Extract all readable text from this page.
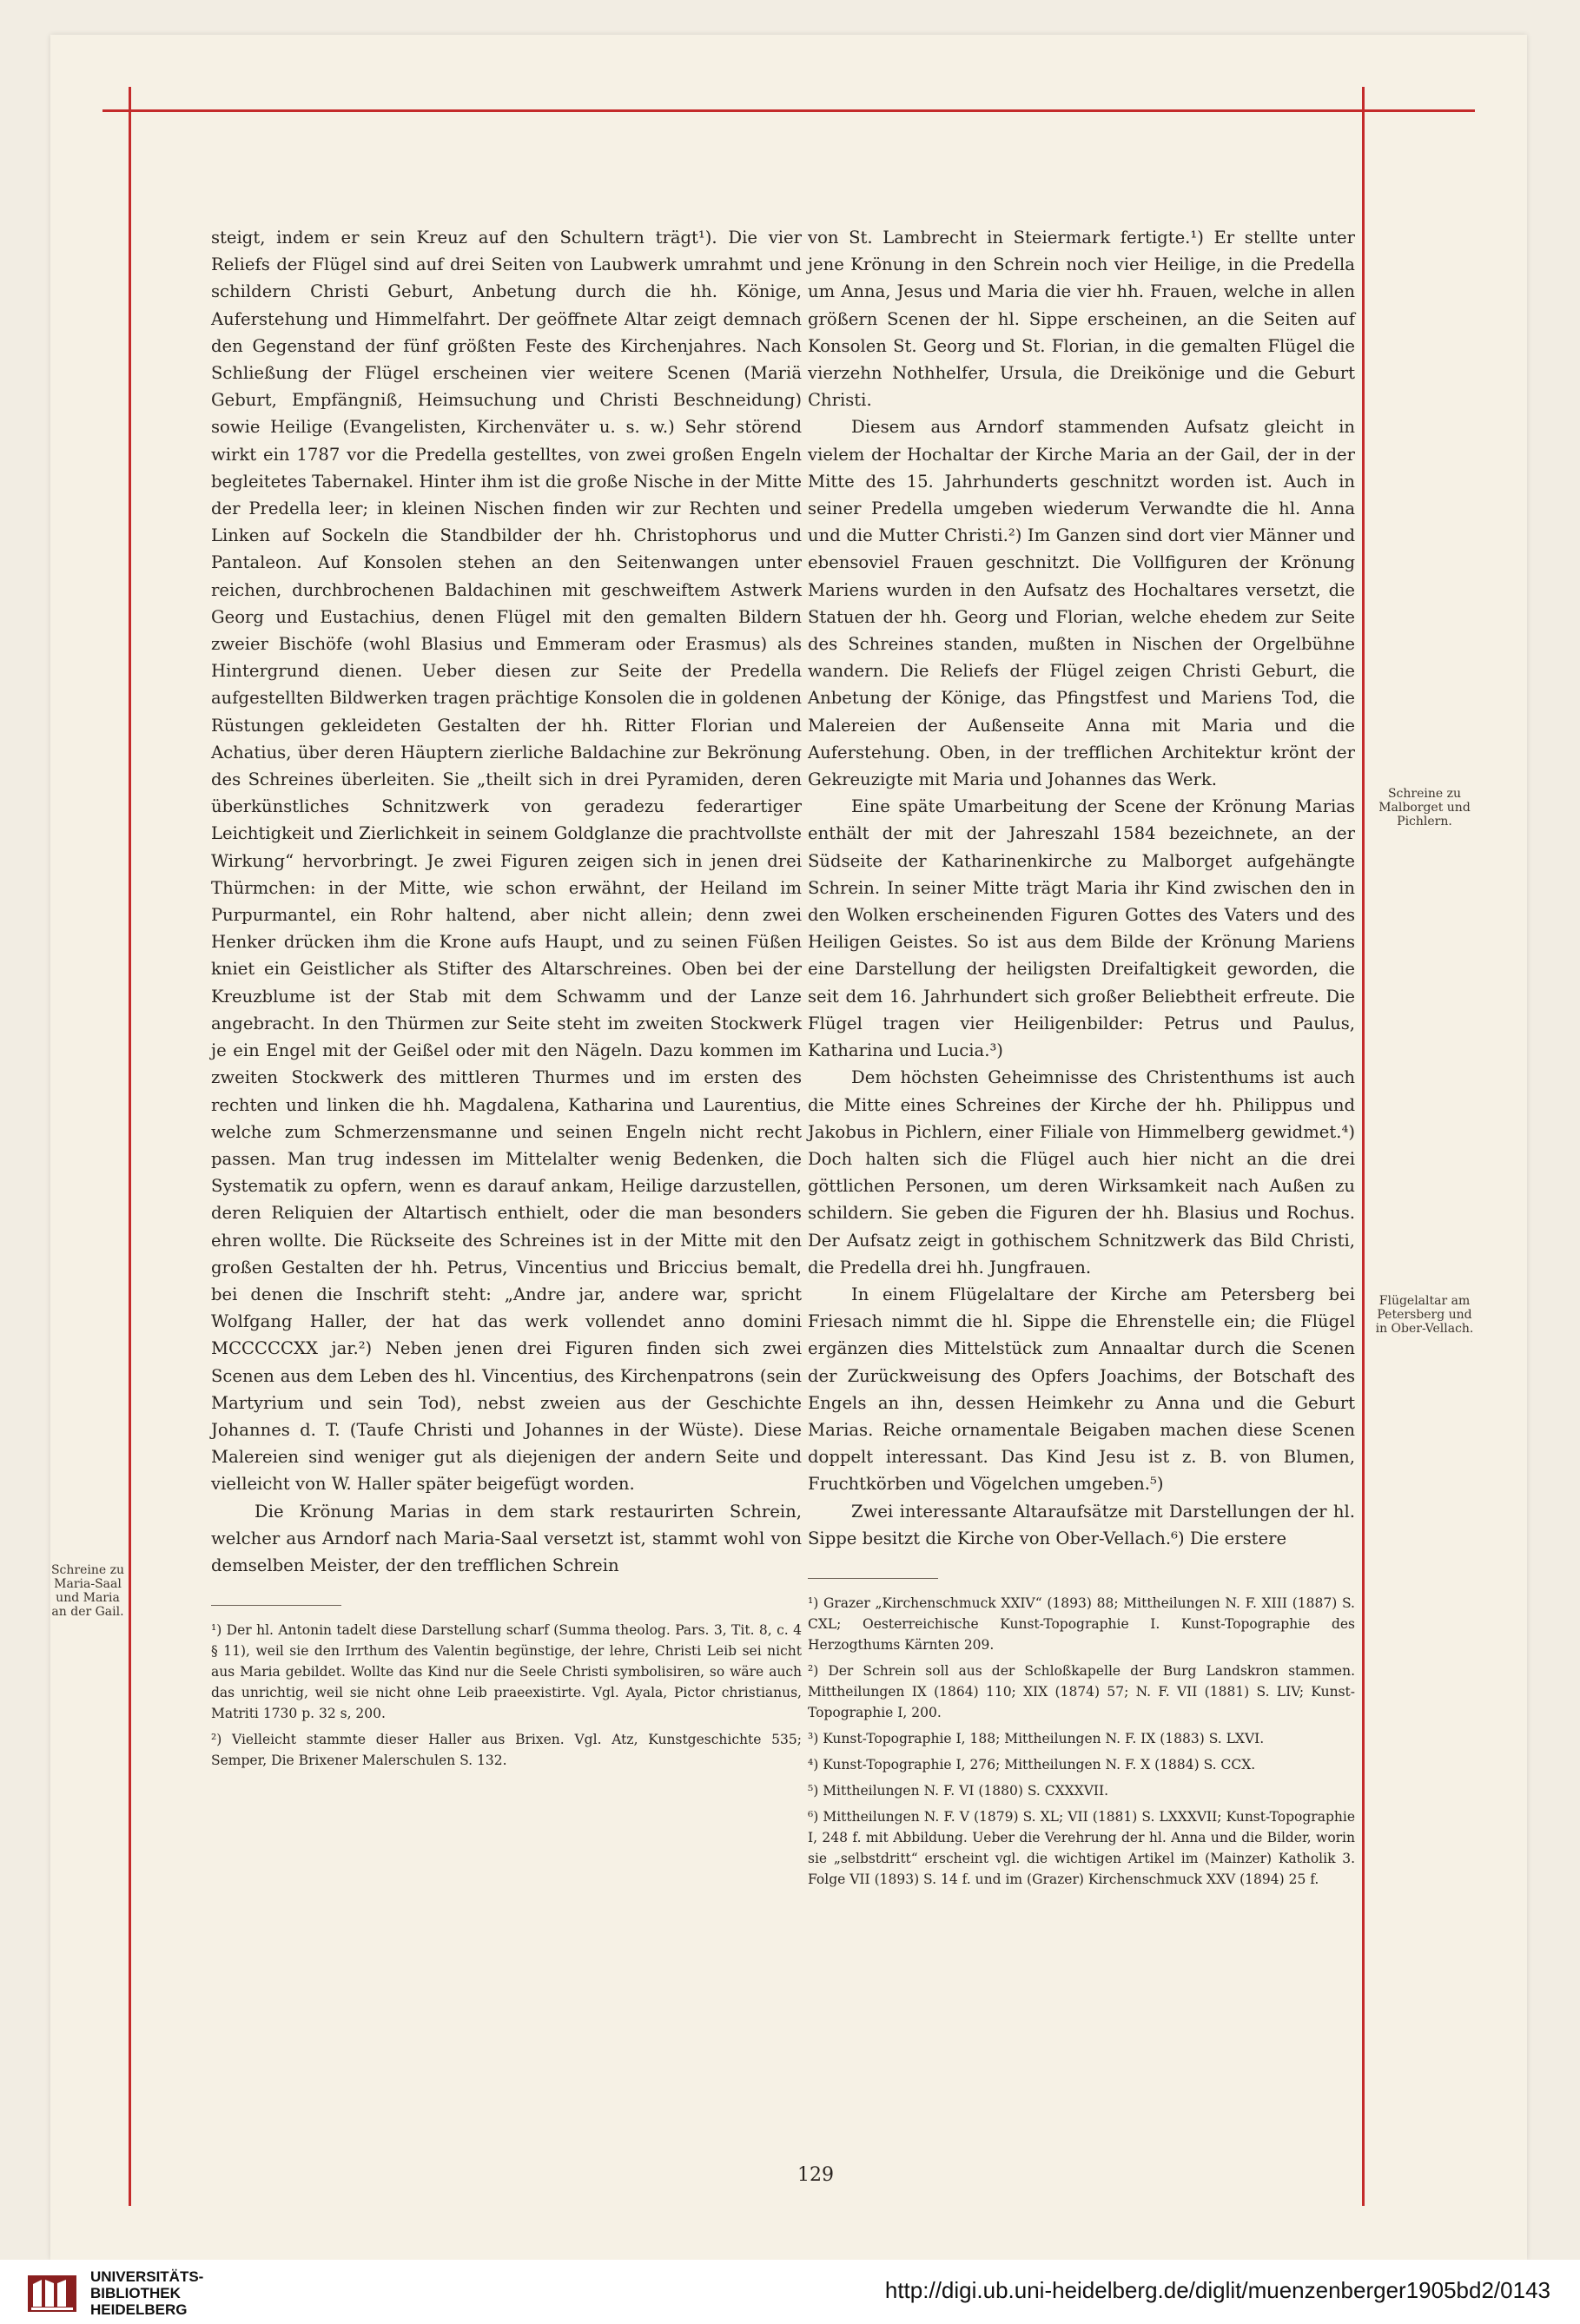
steigt, indem er sein Kreuz auf den Schultern trägt¹). Die vier Reliefs der Flügel sind auf drei Seiten von Laubwerk umrahmt und schildern Christi Geburt, Anbetung durch die hh. Könige, Auferstehung und Himmelfahrt. Der geöffnete Altar zeigt demnach den Gegenstand der fünf größten Feste des Kirchenjahres. Nach Schließung der Flügel erscheinen vier weitere Scenen (Mariä Geburt, Empfängniß, Heimsuchung und Christi Beschneidung) sowie Heilige (Evangelisten, Kirchenväter u. s. w.) Sehr störend wirkt ein 1787 vor die Predella gestelltes, von zwei großen Engeln begleitetes Tabernakel. Hinter ihm ist die große Nische in der Mitte der Predella leer; in kleinen Nischen finden wir zur Rechten und Linken auf Sockeln die Standbilder der hh. Christophorus und Pantaleon. Auf Konsolen stehen an den Seitenwangen unter reichen, durchbrochenen Baldachinen mit geschweiftem Astwerk Georg und Eustachius, denen Flügel mit den gemalten Bildern zweier Bischöfe (wohl Blasius und Emmeram oder Erasmus) als Hintergrund dienen. Ueber diesen zur Seite der Predella aufgestellten Bildwerken tragen prächtige Konsolen die in goldenen Rüstungen gekleideten Gestalten der hh. Ritter Florian und Achatius, über deren Häuptern zierliche Baldachine zur Bekrönung des Schreines überleiten. Sie „theilt sich in drei Pyramiden, deren überkünstliches Schnitzwerk von geradezu federartiger Leichtigkeit und Zierlichkeit in seinem Goldglanze die prachtvollste Wirkung“ hervorbringt. Je zwei Figuren zeigen sich in jenen drei Thürmchen: in der Mitte, wie schon erwähnt, der Heiland im Purpurmantel, ein Rohr haltend, aber nicht allein; denn zwei Henker drücken ihm die Krone aufs Haupt, und zu seinen Füßen kniet ein Geistlicher als Stifter des Altarschreines. Oben bei der Kreuzblume ist der Stab mit dem Schwamm und der Lanze angebracht. In den Thürmen zur Seite steht im zweiten Stockwerk je ein Engel mit der Geißel oder mit den Nägeln. Dazu kommen im zweiten Stockwerk des mittleren Thurmes und im ersten des rechten und linken die hh. Magdalena, Katharina und Laurentius, welche zum Schmerzensmanne und seinen Engeln nicht recht passen. Man trug indessen im Mittelalter wenig Bedenken, die Systematik zu opfern, wenn es darauf ankam, Heilige darzustellen, deren Reliquien der Altartisch enthielt, oder die man besonders ehren wollte. Die Rückseite des Schreines ist in der Mitte mit den großen Gestalten der hh. Petrus, Vincentius und Briccius bemalt, bei denen die Inschrift steht: „Andre jar, andere war, spricht Wolfgang Haller, der hat das werk vollendet anno domini MCCCCCXX jar.²) Neben jenen drei Figuren finden sich zwei Scenen aus dem Leben des hl. Vincentius, des Kirchenpatrons (sein Martyrium und sein Tod), nebst zweien aus der Geschichte Johannes d. T. (Taufe Christi und Johannes in der Wüste). Diese Malereien sind weniger gut als diejenigen der andern Seite und vielleicht von W. Haller später beigefügt worden.

Die Krönung Marias in dem stark restaurirten Schrein, welcher aus Arndorf nach Maria-Saal versetzt ist, stammt wohl von demselben Meister, der den trefflichen Schrein

¹) Der hl. Antonin tadelt diese Darstellung scharf (Summa theolog. Pars. 3, Tit. 8, c. 4 § 11), weil sie den Irrthum des Valentin begünstige, der lehre, Christi Leib sei nicht aus Maria gebildet. Wollte das Kind nur die Seele Christi symbolisiren, so wäre auch das unrichtig, weil sie nicht ohne Leib praeexistirte. Vgl. Ayala, Pictor christianus, Matriti 1730 p. 32 s, 200.

²) Vielleicht stammte dieser Haller aus Brixen. Vgl. Atz, Kunstgeschichte 535; Semper, Die Brixener Malerschulen S. 132.

von St. Lambrecht in Steiermark fertigte.¹) Er stellte unter jene Krönung in den Schrein noch vier Heilige, in die Predella um Anna, Jesus und Maria die vier hh. Frauen, welche in allen größern Scenen der hl. Sippe erscheinen, an die Seiten auf Konsolen St. Georg und St. Florian, in die gemalten Flügel die vierzehn Nothhelfer, Ursula, die Dreikönige und die Geburt Christi.

Diesem aus Arndorf stammenden Aufsatz gleicht in vielem der Hochaltar der Kirche Maria an der Gail, der in der Mitte des 15. Jahrhunderts geschnitzt worden ist. Auch in seiner Predella umgeben wiederum Verwandte die hl. Anna und die Mutter Christi.²) Im Ganzen sind dort vier Männer und ebensoviel Frauen geschnitzt. Die Vollfiguren der Krönung Mariens wurden in den Aufsatz des Hochaltares versetzt, die Statuen der hh. Georg und Florian, welche ehedem zur Seite des Schreines standen, mußten in Nischen der Orgelbühne wandern. Die Reliefs der Flügel zeigen Christi Geburt, die Anbetung der Könige, das Pfingstfest und Mariens Tod, die Malereien der Außenseite Anna mit Maria und die Auferstehung. Oben, in der trefflichen Architektur krönt der Gekreuzigte mit Maria und Johannes das Werk.

Eine späte Umarbeitung der Scene der Krönung Marias enthält der mit der Jahreszahl 1584 bezeichnete, an der Südseite der Katharinenkirche zu Malborget aufgehängte Schrein. In seiner Mitte trägt Maria ihr Kind zwischen den in den Wolken erscheinenden Figuren Gottes des Vaters und des Heiligen Geistes. So ist aus dem Bilde der Krönung Mariens eine Darstellung der heiligsten Dreifaltigkeit geworden, die seit dem 16. Jahrhundert sich großer Beliebtheit erfreute. Die Flügel tragen vier Heiligenbilder: Petrus und Paulus, Katharina und Lucia.³)

Dem höchsten Geheimnisse des Christenthums ist auch die Mitte eines Schreines der Kirche der hh. Philippus und Jakobus in Pichlern, einer Filiale von Himmelberg gewidmet.⁴) Doch halten sich die Flügel auch hier nicht an die drei göttlichen Personen, um deren Wirksamkeit nach Außen zu schildern. Sie geben die Figuren der hh. Blasius und Rochus. Der Aufsatz zeigt in gothischem Schnitzwerk das Bild Christi, die Predella drei hh. Jungfrauen.

In einem Flügelaltare der Kirche am Petersberg bei Friesach nimmt die hl. Sippe die Ehrenstelle ein; die Flügel ergänzen dies Mittelstück zum Annaaltar durch die Scenen der Zurückweisung des Opfers Joachims, der Botschaft des Engels an ihn, dessen Heimkehr zu Anna und die Geburt Marias. Reiche ornamentale Beigaben machen diese Scenen doppelt interessant. Das Kind Jesu ist z. B. von Blumen, Fruchtkörben und Vögelchen umgeben.⁵)

Zwei interessante Altaraufsätze mit Darstellungen der hl. Sippe besitzt die Kirche von Ober-Vellach.⁶) Die erstere

¹) Grazer „Kirchenschmuck XXIV“ (1893) 88; Mittheilungen N. F. XIII (1887) S. CXL; Oesterreichische Kunst-Topographie I. Kunst-Topographie des Herzogthums Kärnten 209.

²) Der Schrein soll aus der Schloßkapelle der Burg Landskron stammen. Mittheilungen IX (1864) 110; XIX (1874) 57; N. F. VII (1881) S. LIV; Kunst-Topographie I, 200.

³) Kunst-Topographie I, 188; Mittheilungen N. F. IX (1883) S. LXVI.

⁴) Kunst-Topographie I, 276; Mittheilungen N. F. X (1884) S. CCX.

⁵) Mittheilungen N. F. VI (1880) S. CXXXVII.

⁶) Mittheilungen N. F. V (1879) S. XL; VII (1881) S. LXXXVII; Kunst-Topographie I, 248 f. mit Abbildung. Ueber die Verehrung der hl. Anna und die Bilder, worin sie „selbstdritt“ erscheint vgl. die wichtigen Artikel im (Mainzer) Katholik 3. Folge VII (1893) S. 14 f. und im (Grazer) Kirchenschmuck XXV (1894) 25 f.

Schreine zu Maria-Saal und Maria an der Gail.
Schreine zu Malborget und Pichlern.
Flügelaltar am Petersberg und in Ober-Vellach.
129
UNIVERSITÄTS-
BIBLIOTHEK
HEIDELBERG
http://digi.ub.uni-heidelberg.de/diglit/muenzenberger1905bd2/0143
